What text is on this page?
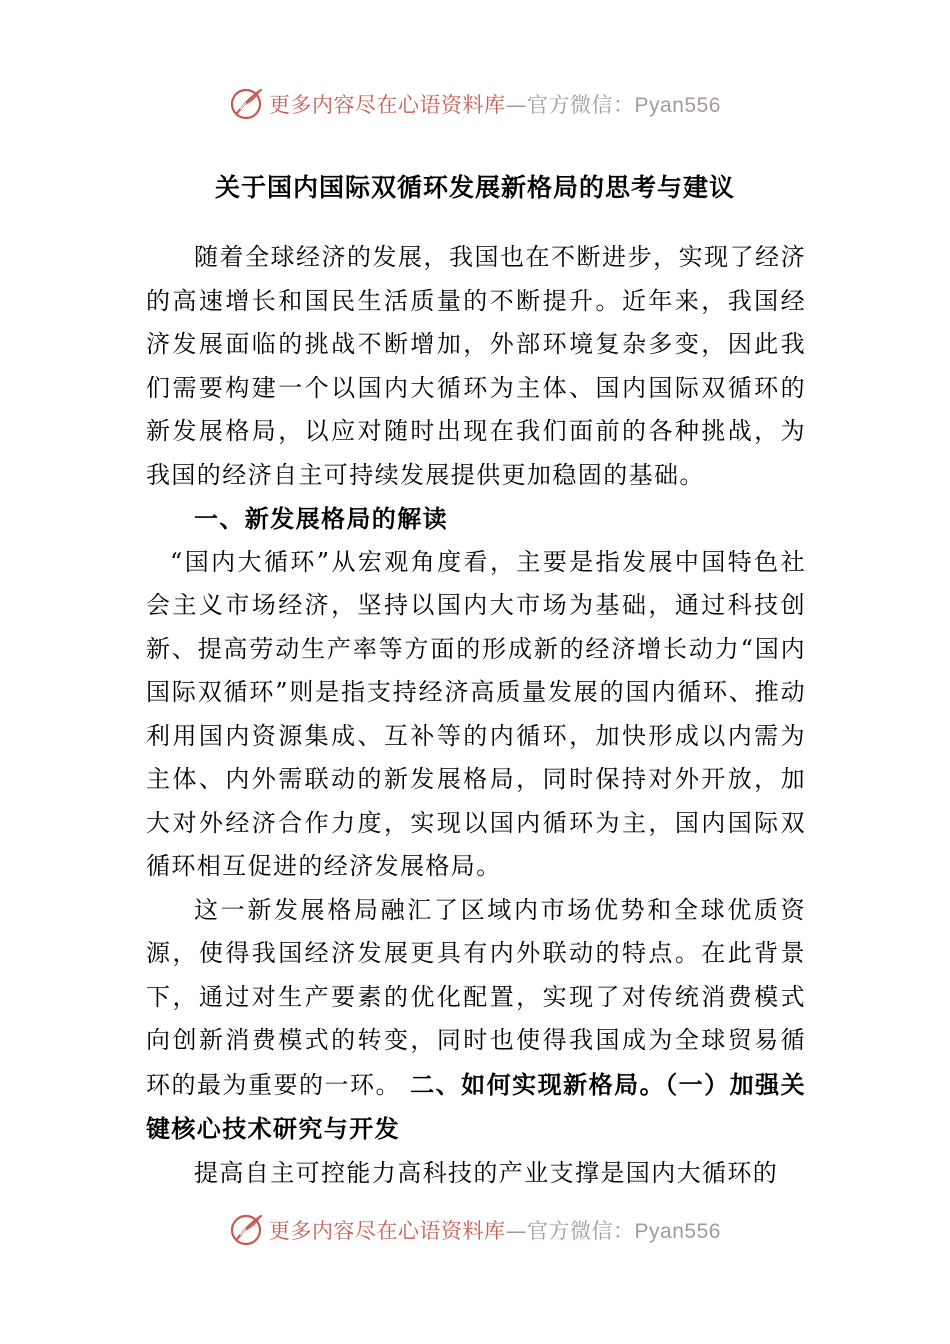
更多内容尽在心语资料库—官方微信：Pyan556
关于国内国际双循环发展新格局的思考与建议

随着全球经济的发展，我国也在不断进步，实现了经济的高速增长和国民生活质量的不断提升。近年来，我国经济发展面临的挑战不断增加，外部环境复杂多变，因此我们需要构建一个以国内大循环为主体、国内国际双循环的新发展格局，以应对随时出现在我们面前的各种挑战，为我国的经济自主可持续发展提供更加稳固的基础。

一、新发展格局的解读

“国内大循环”从宏观角度看，主要是指发展中国特色社会主义市场经济，坚持以国内大市场为基础，通过科技创新、提高劳动生产率等方面的形成新的经济增长动力“国内国际双循环”则是指支持经济高质量发展的国内循环、推动利用国内资源集成、互补等的内循环，加快形成以内需为主体、内外需联动的新发展格局，同时保持对外开放，加大对外经济合作力度，实现以国内循环为主，国内国际双循环相互促进的经济发展格局。

这一新发展格局融汇了区域内市场优势和全球优质资源，使得我国经济发展更具有内外联动的特点。在此背景下，通过对生产要素的优化配置，实现了对传统消费模式向创新消费模式的转变，同时也使得我国成为全球贸易循环的最为重要的一环。 二、如何实现新格局。（一）加强关键核心技术研究与开发

提高自主可控能力高科技的产业支撑是国内大循环的

更多内容尽在心语资料库—官方微信：Pyan556
